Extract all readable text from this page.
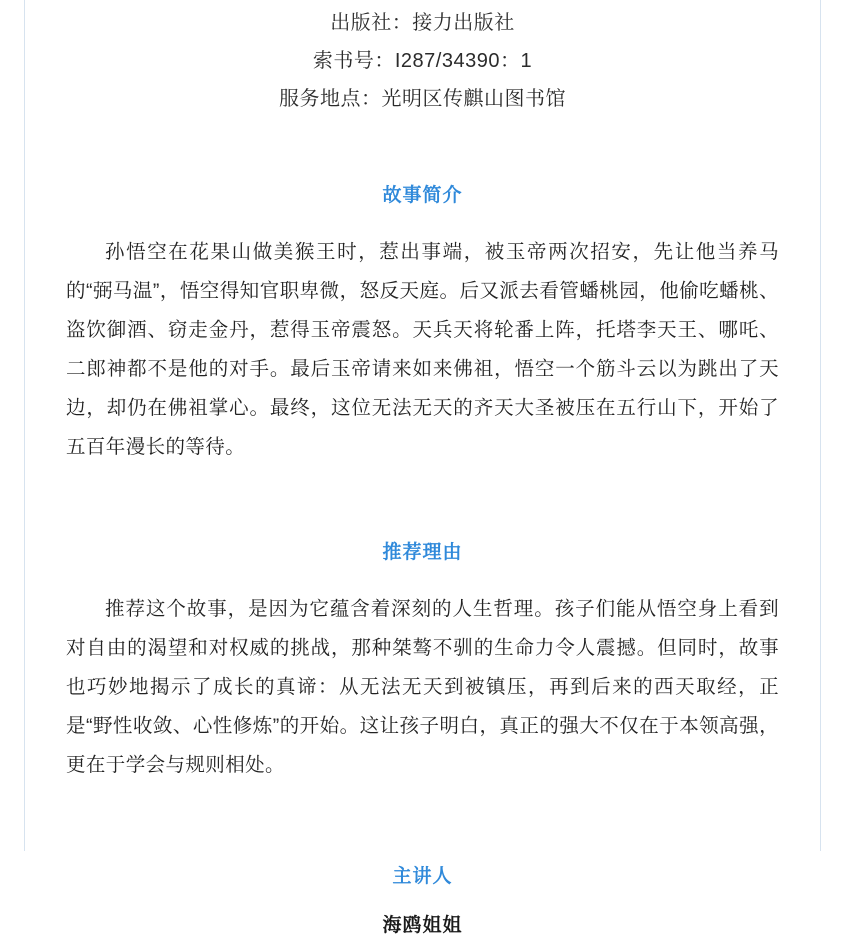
出版社：接力出版社
索书号：I287/34390：1
服务地点：光明区传麒山图书馆
故事简介

孙悟空在花果山做美猴王时，惹出事端，被玉帝两次招安，先让他当养马的“弼马温”，悟空得知官职卑微，怒反天庭。后又派去看管蟠桃园，他偷吃蟠桃、盗饮御酒、窃走金丹，惹得玉帝震怒。天兵天将轮番上阵，托塔李天王、哪吒、二郎神都不是他的对手。最后玉帝请来如来佛祖，悟空一个筋斗云以为跳出了天边，却仍在佛祖掌心。最终，这位无法无天的齐天大圣被压在五行山下，开始了五百年漫长的等待。

推荐理由

推荐这个故事，是因为它蕴含着深刻的人生哲理。孩子们能从悟空身上看到对自由的渴望和对权威的挑战，那种桀骜不驯的生命力令人震撼。但同时，故事也巧妙地揭示了成长的真谛：从无法无天到被镇压，再到后来的西天取经，正是“野性收敛、心性修炼”的开始。这让孩子明白，真正的强大不仅在于本领高强，更在于学会与规则相处。

主讲人
海鸥姐姐
